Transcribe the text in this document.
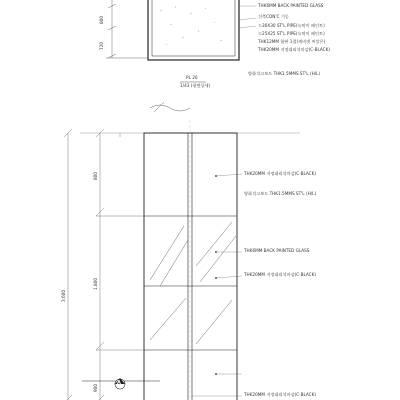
THK6MM BACK PAINTED GLASS
건축CON'C 기둥
ㅁ30X30 ST'L PIPE(녹막이 페인트)
ㅁ25X25 ST'L PIPE(녹막이 페인트)
THK12MM 합판 1겹(캐비넷 씨알은)
THK20MM 지정대리석마감(C-BLACK)
PL 20
1/43 (평면상세)
방화석고보드 THK1.5MMS ST'L (H/L)
800
720
THK20MM 지정대리석마감(C-BLACK)
방화석고보드 THK1.5MMS ST'L (H/L)
THK6MM BACK PAINTED GLASS
THK20MM 지정대리석마감(C-BLACK)
THK20MM 지정대리석마감(C-BLACK)
3,600
800
1,800
900
A
